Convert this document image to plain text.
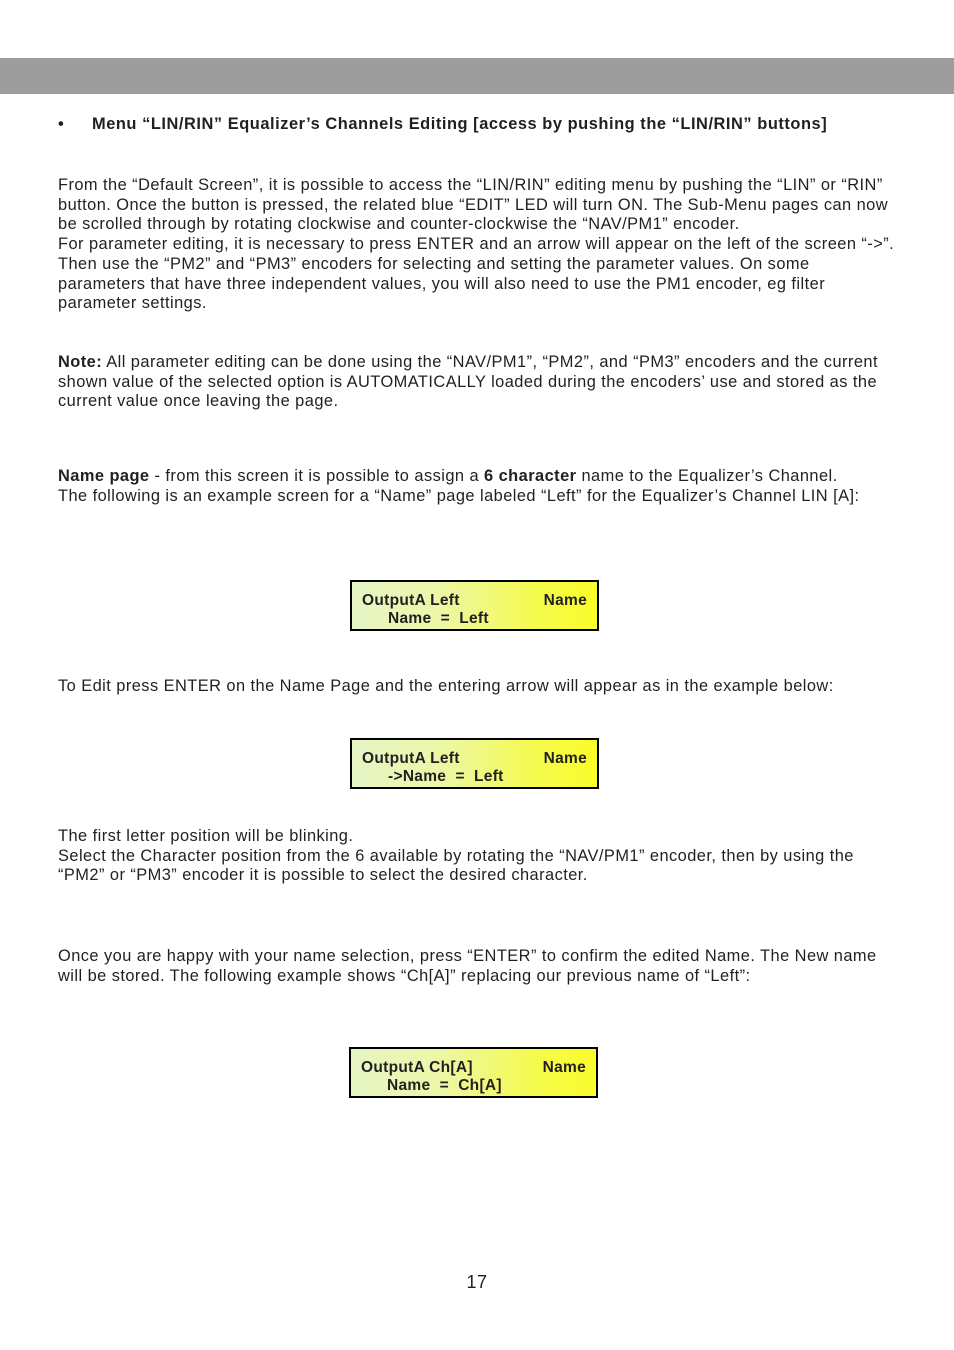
• Menu “LIN/RIN” Equalizer’s Channels Editing [access by pushing the “LIN/RIN” buttons]

From the “Default Screen”, it is possible to access the “LIN/RIN” editing menu by pushing the “LIN” or “RIN” button. Once the button is pressed, the related blue “EDIT” LED will turn ON. The Sub-Menu pages can now be scrolled through by rotating clockwise and counter-clockwise the “NAV/PM1” encoder.

For parameter editing, it is necessary to press ENTER and an arrow will appear on the left of the screen “->”. Then use the “PM2” and “PM3” encoders for selecting and setting the parameter values. On some parameters that have three independent values, you will also need to use the PM1 encoder, eg filter parameter settings.

Note: All parameter editing can be done using the “NAV/PM1”, “PM2”, and “PM3” encoders and the current shown value of the selected option is AUTOMATICALLY loaded during the encoders’ use and stored as the current value once leaving the page.

Name page - from this screen it is possible to assign a 6 character name to the Equalizer’s Channel.

The following is an example screen for a “Name” page labeled “Left” for the Equalizer’s Channel LIN [A]:

OutputA Left	Name
Name  =  Left

To Edit press ENTER on the Name Page and the entering arrow will appear as in the example below:

OutputA Left	Name
->Name  =  Left

The first letter position will be blinking.

Select the Character position from the 6 available by rotating the “NAV/PM1” encoder, then by using the “PM2” or “PM3” encoder it is possible to select the desired character.

Once you are happy with your name selection, press “ENTER” to confirm the edited Name. The New name will be stored. The following example shows “Ch[A]” replacing our previous name of “Left”:

OutputA Ch[A]	Name
Name  =  Ch[A]
17
